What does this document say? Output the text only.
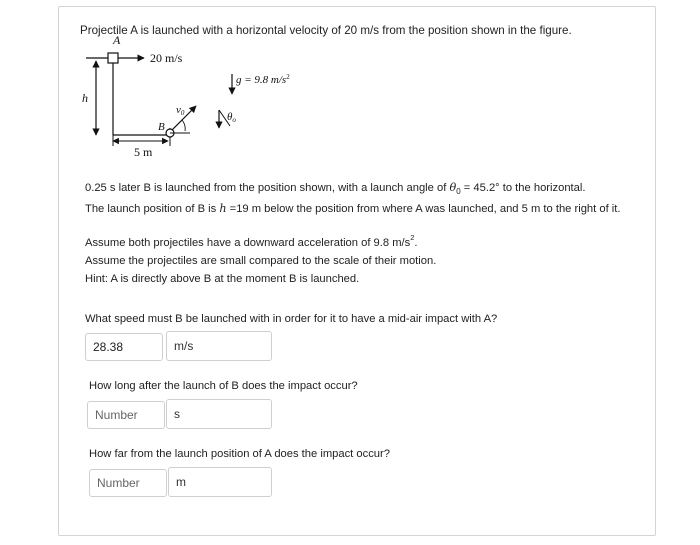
Projectile A is launched with a horizontal velocity of 20 m/s from the position shown in the figure.
A
20 m/s
h
B
v0
5 m
g = 9.8 $m/s^2$
θo
0.25 s later B is launched from the position shown, with a launch angle of $\theta_0 = 45.2^\circ$ to the horizontal.
The launch position of B is h =19 m below the position from where A was launched, and 5 m to the right of it.
Assume both projectiles have a downward acceleration of 9.8 $m/s^2$.
Assume the projectiles are small compared to the scale of their motion.
Hint: A is directly above B at the moment B is launched.
What speed must B be launched with in order for it to have a mid-air impact with A?
28.38	m/s
How long after the launch of B does the impact occur?
Number	s
How far from the launch position of A does the impact occur?
Number	m
